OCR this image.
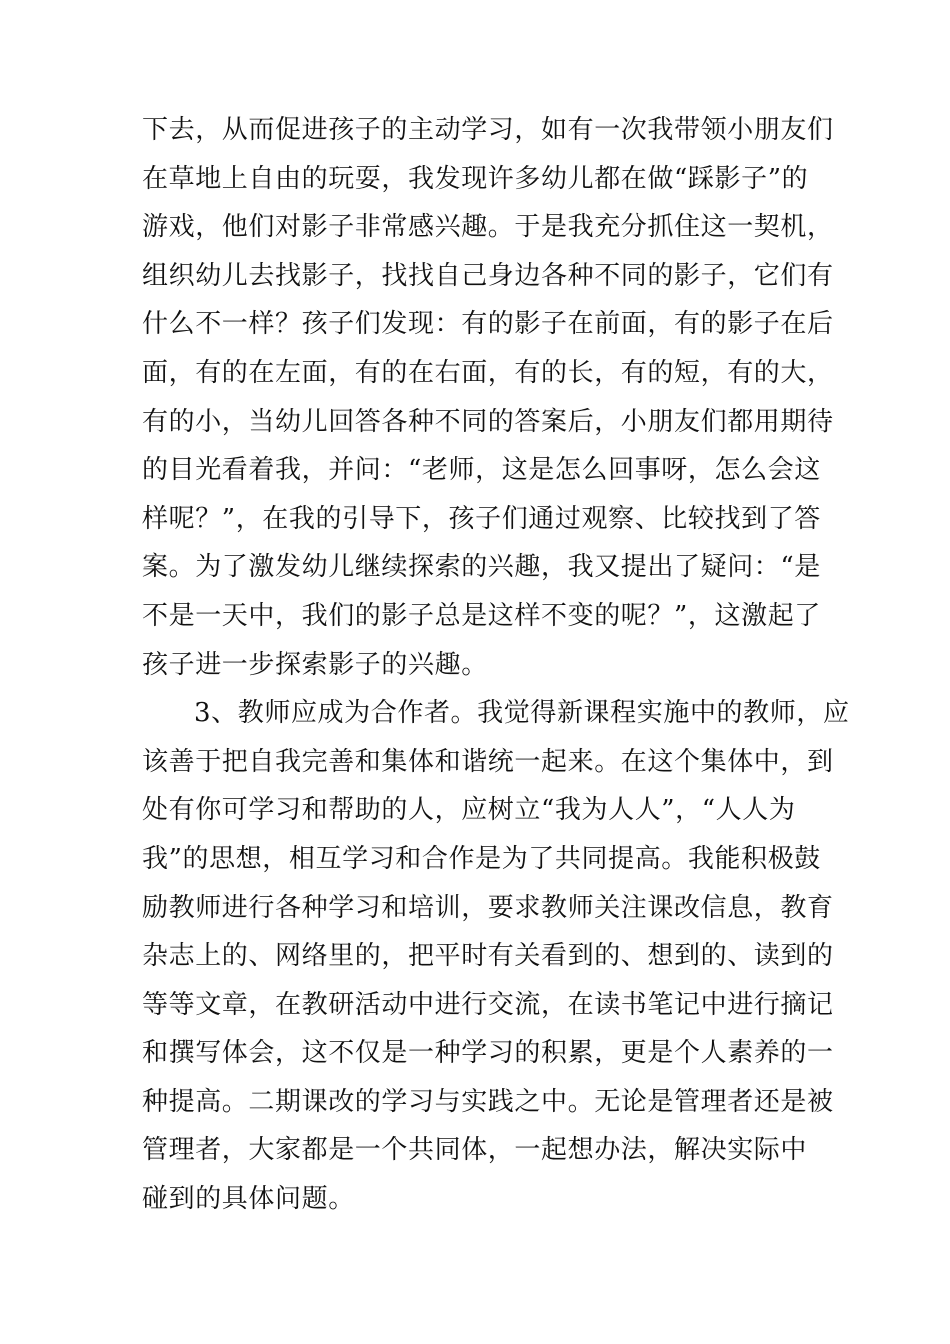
下去，从而促进孩子的主动学习，如有一次我带领小朋友们
在草地上自由的玩耍，我发现许多幼儿都在做“踩影子”的
游戏，他们对影子非常感兴趣。于是我充分抓住这一契机，
组织幼儿去找影子，找找自己身边各种不同的影子，它们有
什么不一样？孩子们发现：有的影子在前面，有的影子在后
面，有的在左面，有的在右面，有的长，有的短，有的大，
有的小，当幼儿回答各种不同的答案后，小朋友们都用期待
的目光看着我，并问：“老师，这是怎么回事呀，怎么会这
样呢？”，在我的引导下，孩子们通过观察、比较找到了答
案。为了激发幼儿继续探索的兴趣，我又提出了疑问：“是
不是一天中，我们的影子总是这样不变的呢？”，这激起了
孩子进一步探索影子的兴趣。
3、教师应成为合作者。我觉得新课程实施中的教师，应
该善于把自我完善和集体和谐统一起来。在这个集体中，到
处有你可学习和帮助的人，应树立“我为人人”，“人人为
我”的思想，相互学习和合作是为了共同提高。我能积极鼓
励教师进行各种学习和培训，要求教师关注课改信息，教育
杂志上的、网络里的，把平时有关看到的、想到的、读到的
等等文章，在教研活动中进行交流，在读书笔记中进行摘记
和撰写体会，这不仅是一种学习的积累，更是个人素养的一
种提高。二期课改的学习与实践之中。无论是管理者还是被
管理者，大家都是一个共同体，一起想办法，解决实际中
碰到的具体问题。
